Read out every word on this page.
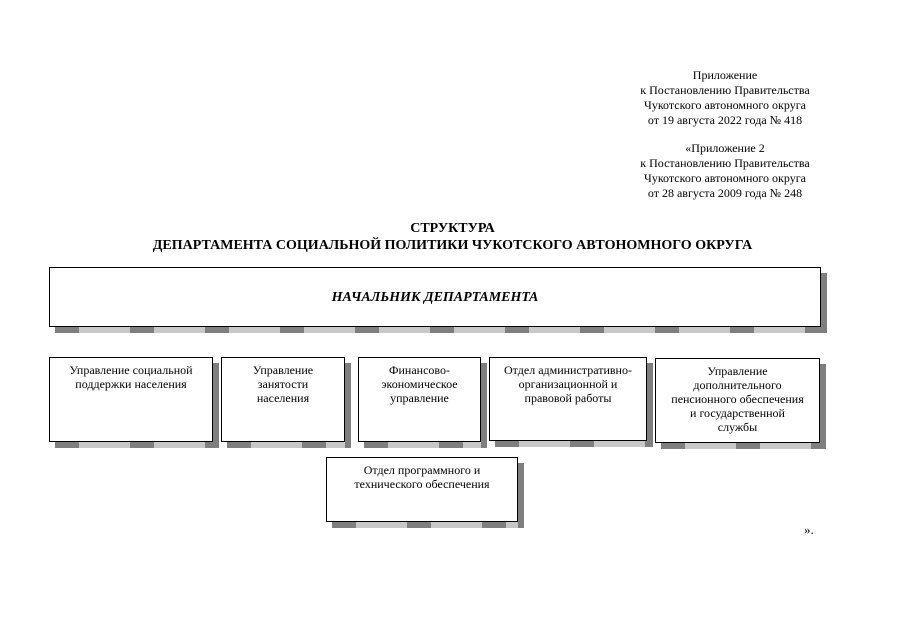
Приложение
к Постановлению Правительства
Чукотского автономного округа
от 19 августа 2022 года № 418
«Приложение 2
к Постановлению Правительства
Чукотского автономного округа
от 28 августа 2009 года № 248
СТРУКТУРА
ДЕПАРТАМЕНТА СОЦИАЛЬНОЙ ПОЛИТИКИ ЧУКОТСКОГО АВТОНОМНОГО ОКРУГА
НАЧАЛЬНИК ДЕПАРТАМЕНТА
Управление социальной
поддержки населения
Управление
занятости
населения
Финансово-
экономическое
управление
Отдел административно-
организационной и
правовой работы
Управление
дополнительного
пенсионного обеспечения
и государственной
службы
Отдел программного и
технического обеспечения
».
